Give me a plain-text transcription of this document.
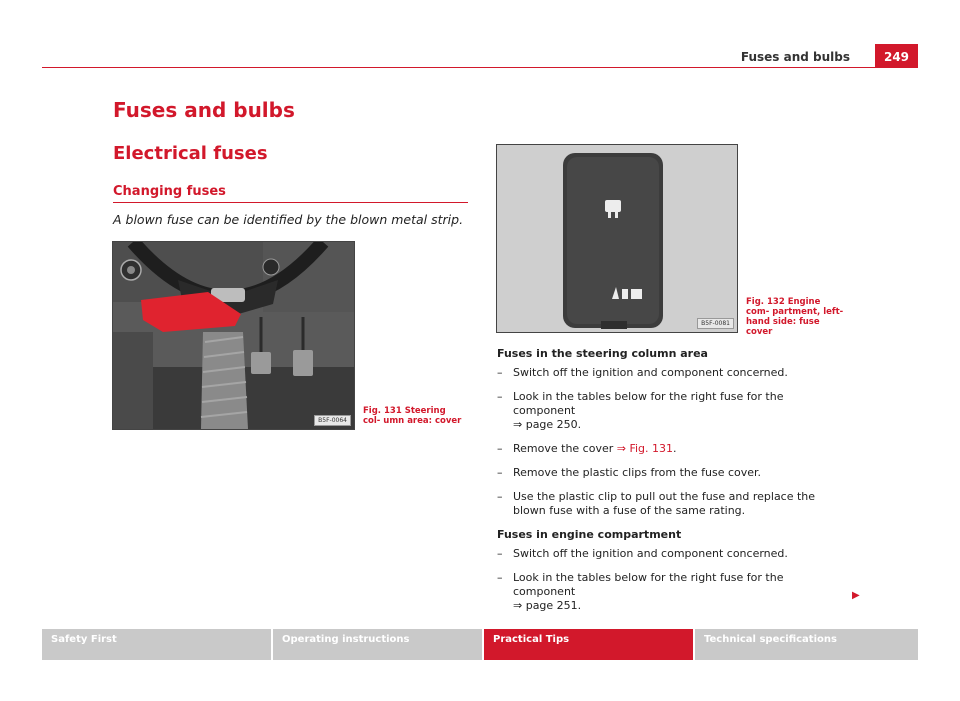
Fuses and bulbs	249
Fuses and bulbs
Electrical fuses
Changing fuses
A blown fuse can be identified by the blown metal strip.
B5F-0064
Fig. 131 Steering col- umn area: cover
B5F-0081
Fig. 132 Engine com- partment, left-hand side: fuse cover
Fuses in the steering column area
– Switch off the ignition and component concerned.
– Look in the tables below for the right fuse for the component
⇒ page 250.
– Remove the cover ⇒ Fig. 131.
– Remove the plastic clips from the fuse cover.
– Use the plastic clip to pull out the fuse and replace the blown fuse with a fuse of the same rating.
Fuses in engine compartment
– Switch off the ignition and component concerned.
– Look in the tables below for the right fuse for the component
⇒ page 251.
▶
Safety First	Operating instructions	Practical Tips	Technical specifications
